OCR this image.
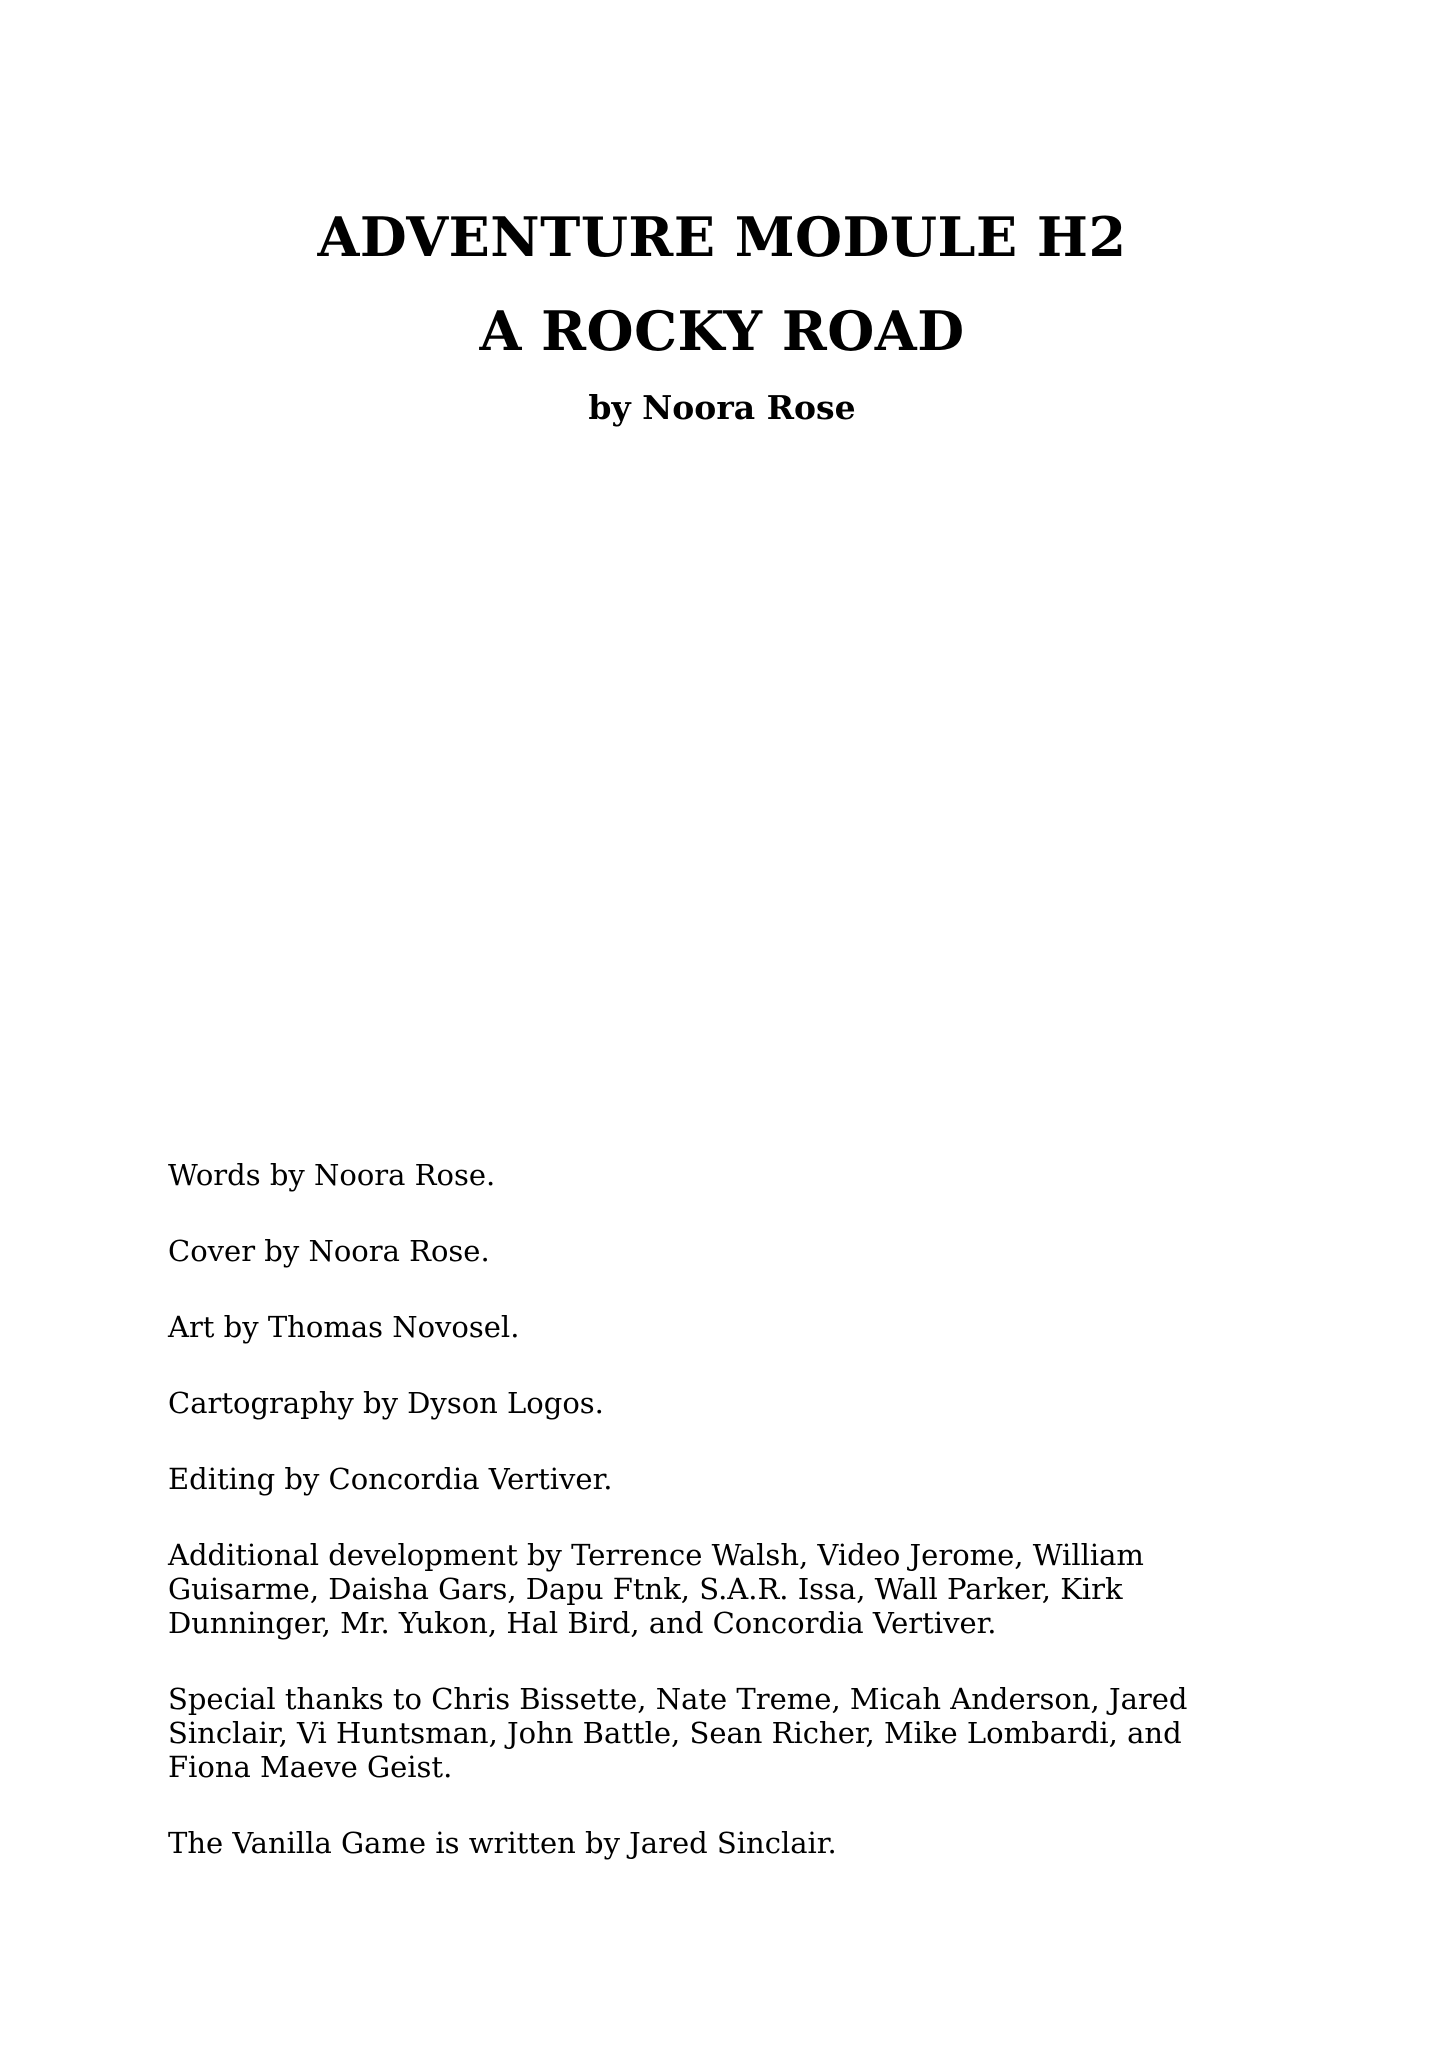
ADVENTURE MODULE H2
A ROCKY ROAD

by Noora Rose

Words by Noora Rose.

Cover by Noora Rose.

Art by Thomas Novosel.

Cartography by Dyson Logos.

Editing by Concordia Vertiver.

Additional development by Terrence Walsh, Video Jerome, William
Guisarme, Daisha Gars, Dapu Ftnk, S.A.R. Issa, Wall Parker, Kirk
Dunninger, Mr. Yukon, Hal Bird, and Concordia Vertiver.

Special thanks to Chris Bissette, Nate Treme, Micah Anderson, Jared
Sinclair, Vi Huntsman, John Battle, Sean Richer, Mike Lombardi, and
Fiona Maeve Geist.

The Vanilla Game is written by Jared Sinclair.
